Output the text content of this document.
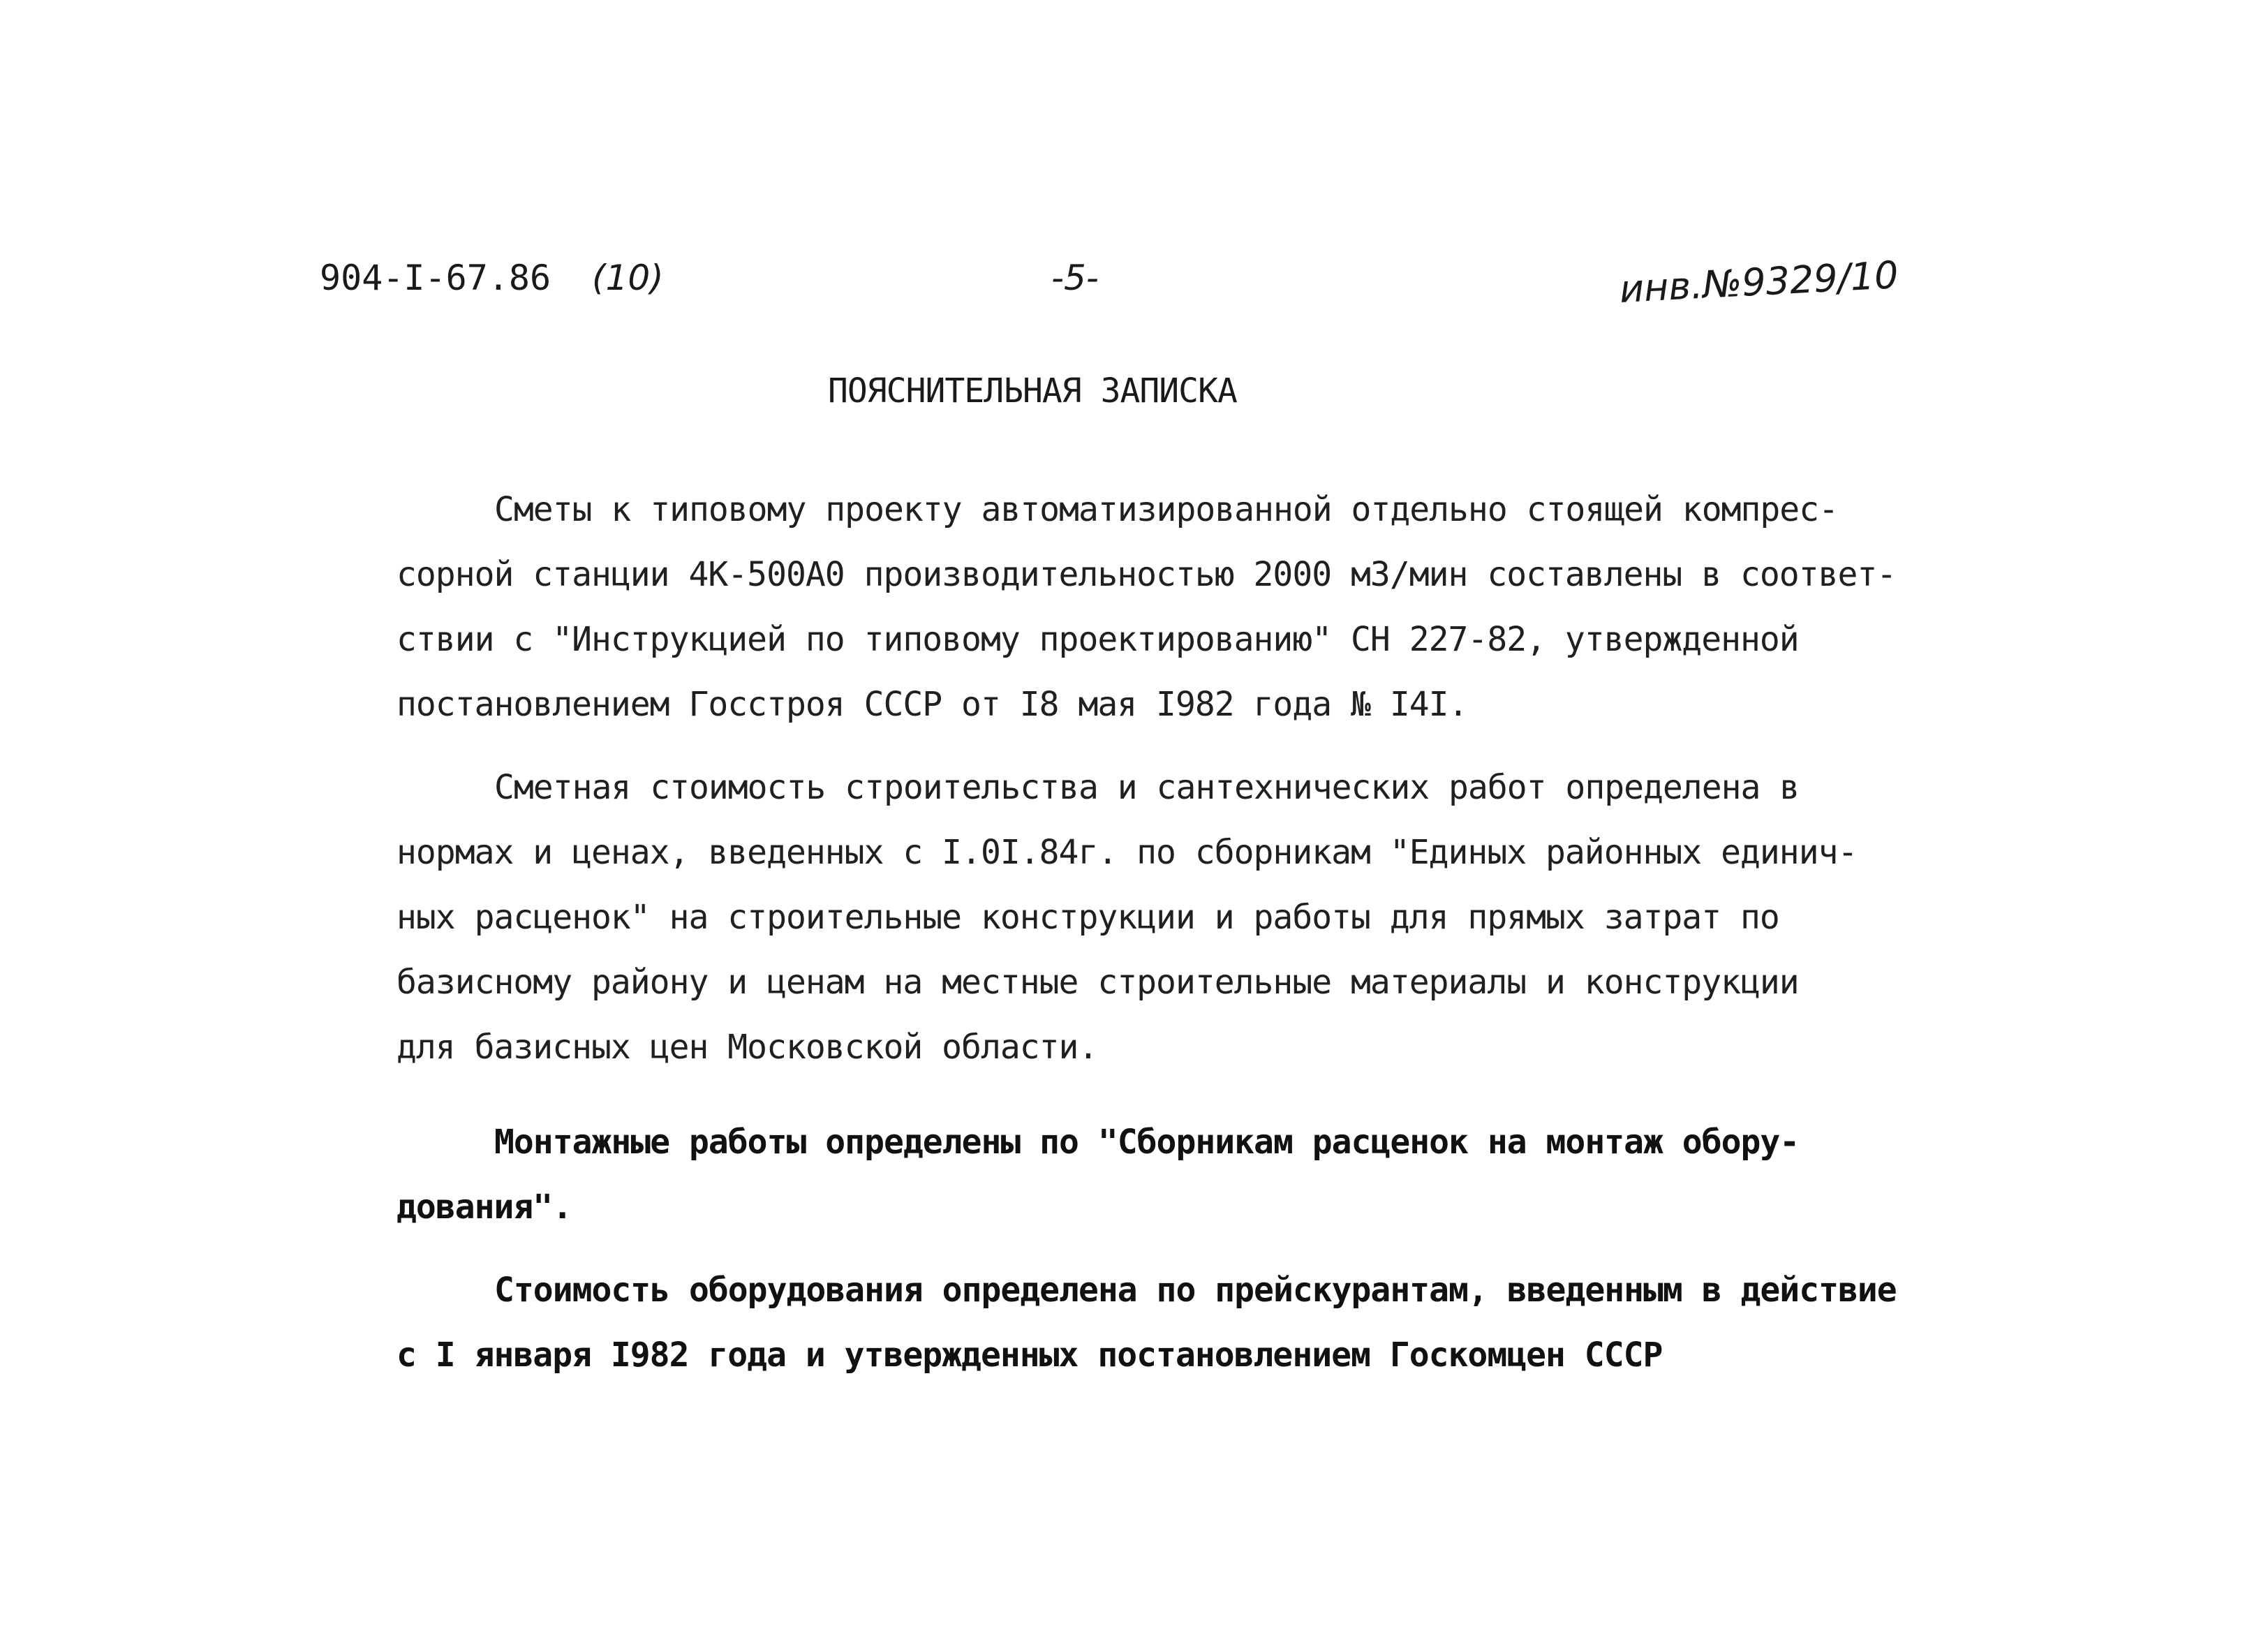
904-I-67.86 (10)	-5-	инв.№9329/10
ПОЯСНИТЕЛЬНАЯ ЗАПИСКА
Сметы к типовому проекту автоматизированной отдельно стоящей компрес-
сорной станции 4К-500А0 производительностью 2000 м3/мин составлены в соответ-
ствии с "Инструкцией по типовому проектированию" СН 227-82, утвержденной
постановлением Госстроя СССР от I8 мая I982 года № I4I.
Сметная стоимость строительства и сантехнических работ определена в
нормах и ценах, введенных с I.0I.84г. по сборникам "Единых районных единич-
ных расценок" на строительные конструкции и работы для прямых затрат по
базисному району и ценам на местные строительные материалы и конструкции
для базисных цен Московской области.
Монтажные работы определены по "Сборникам расценок на монтаж обору-
дования".
Стоимость оборудования определена по прейскурантам, введенным в действие
с I января I982 года и утвержденных постановлением Госкомцен СССР
